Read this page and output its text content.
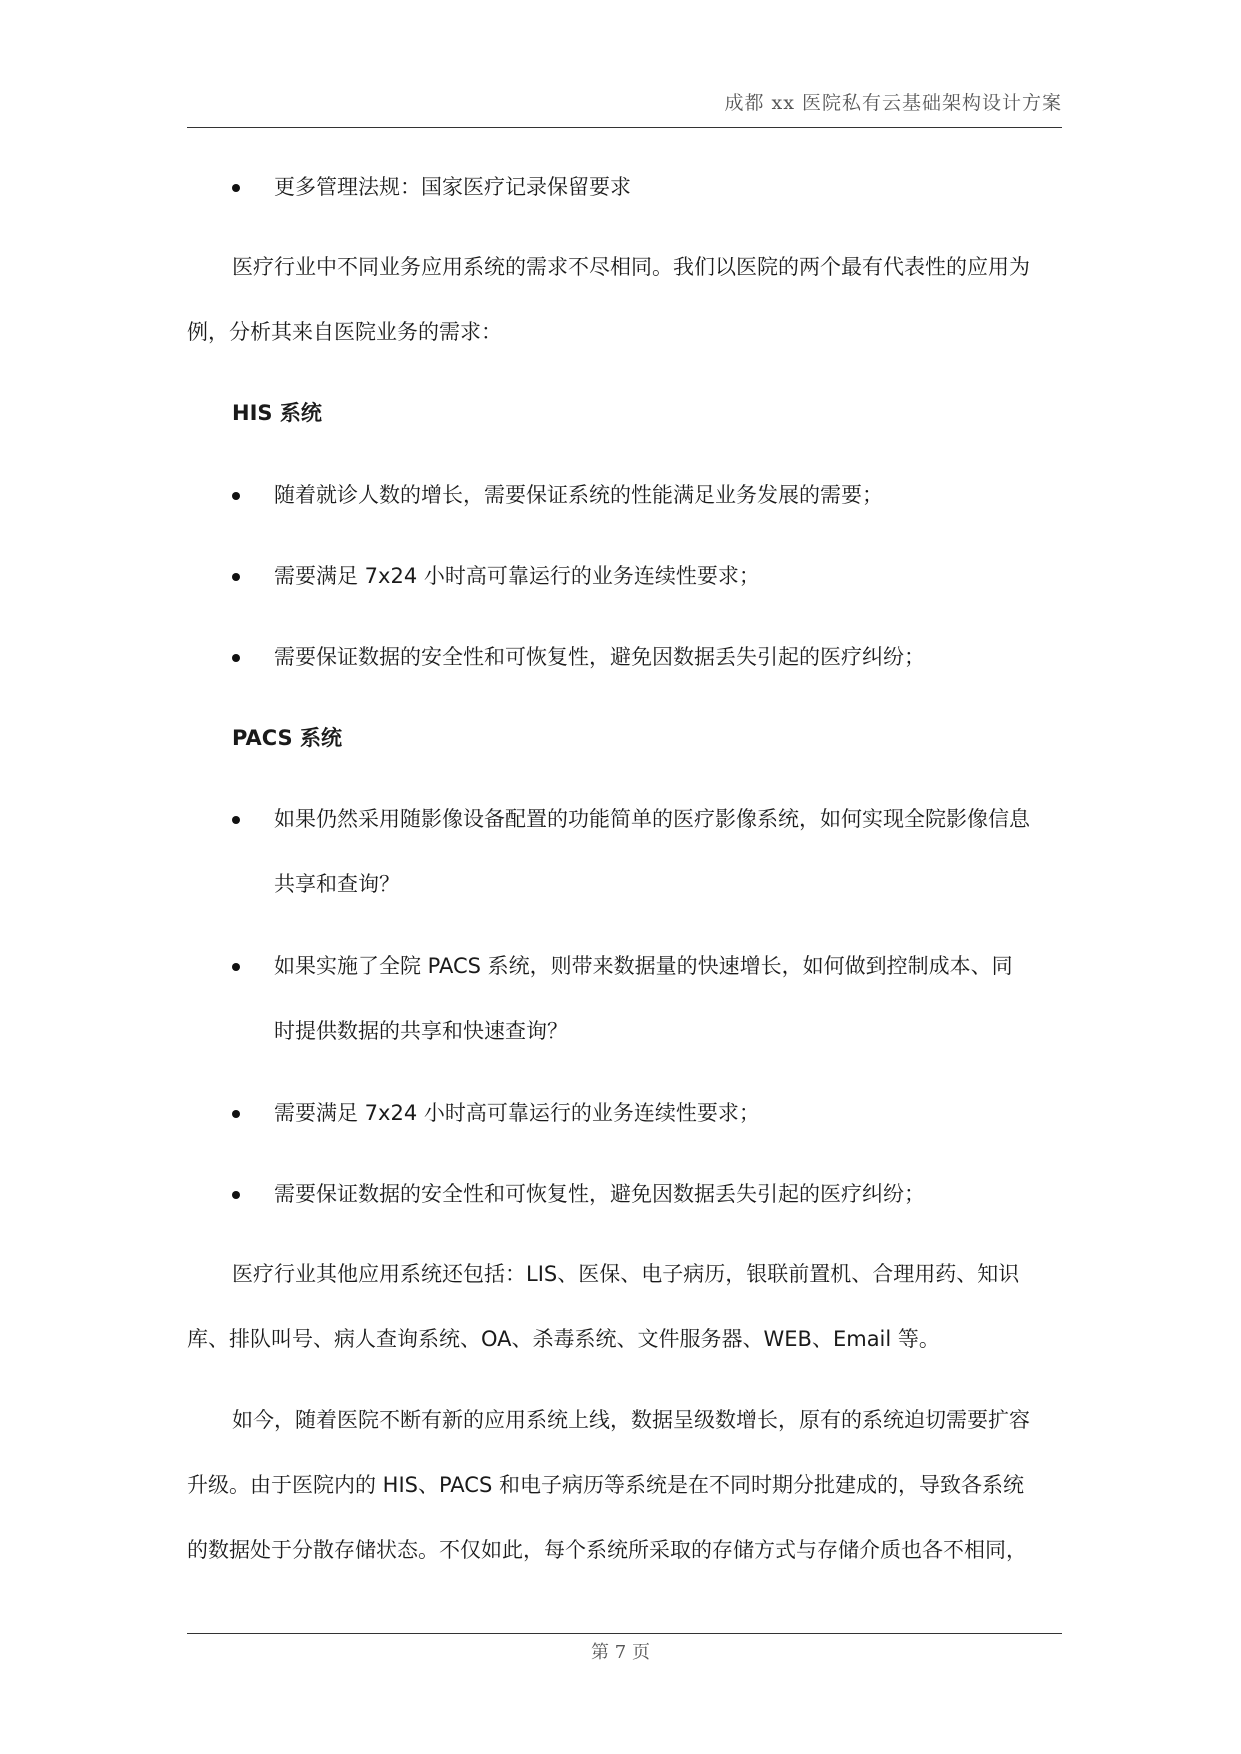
成都 xx 医院私有云基础架构设计方案
更多管理法规：国家医疗记录保留要求
医疗行业中不同业务应用系统的需求不尽相同。我们以医院的两个最有代表性的应用为
例，分析其来自医院业务的需求：
HIS 系统
随着就诊人数的增长，需要保证系统的性能满足业务发展的需要；
需要满足 7x24 小时高可靠运行的业务连续性要求；
需要保证数据的安全性和可恢复性，避免因数据丢失引起的医疗纠纷；
PACS 系统
如果仍然采用随影像设备配置的功能简单的医疗影像系统，如何实现全院影像信息
共享和查询？
如果实施了全院 PACS 系统，则带来数据量的快速增长，如何做到控制成本、同
时提供数据的共享和快速查询？
需要满足 7x24 小时高可靠运行的业务连续性要求；
需要保证数据的安全性和可恢复性，避免因数据丢失引起的医疗纠纷；
医疗行业其他应用系统还包括：LIS、医保、电子病历，银联前置机、合理用药、知识
库、排队叫号、病人查询系统、OA、杀毒系统、文件服务器、WEB、Email 等。
如今，随着医院不断有新的应用系统上线，数据呈级数增长，原有的系统迫切需要扩容
升级。由于医院内的 HIS、PACS 和电子病历等系统是在不同时期分批建成的，导致各系统
的数据处于分散存储状态。不仅如此，每个系统所采取的存储方式与存储介质也各不相同，
第 7 页
